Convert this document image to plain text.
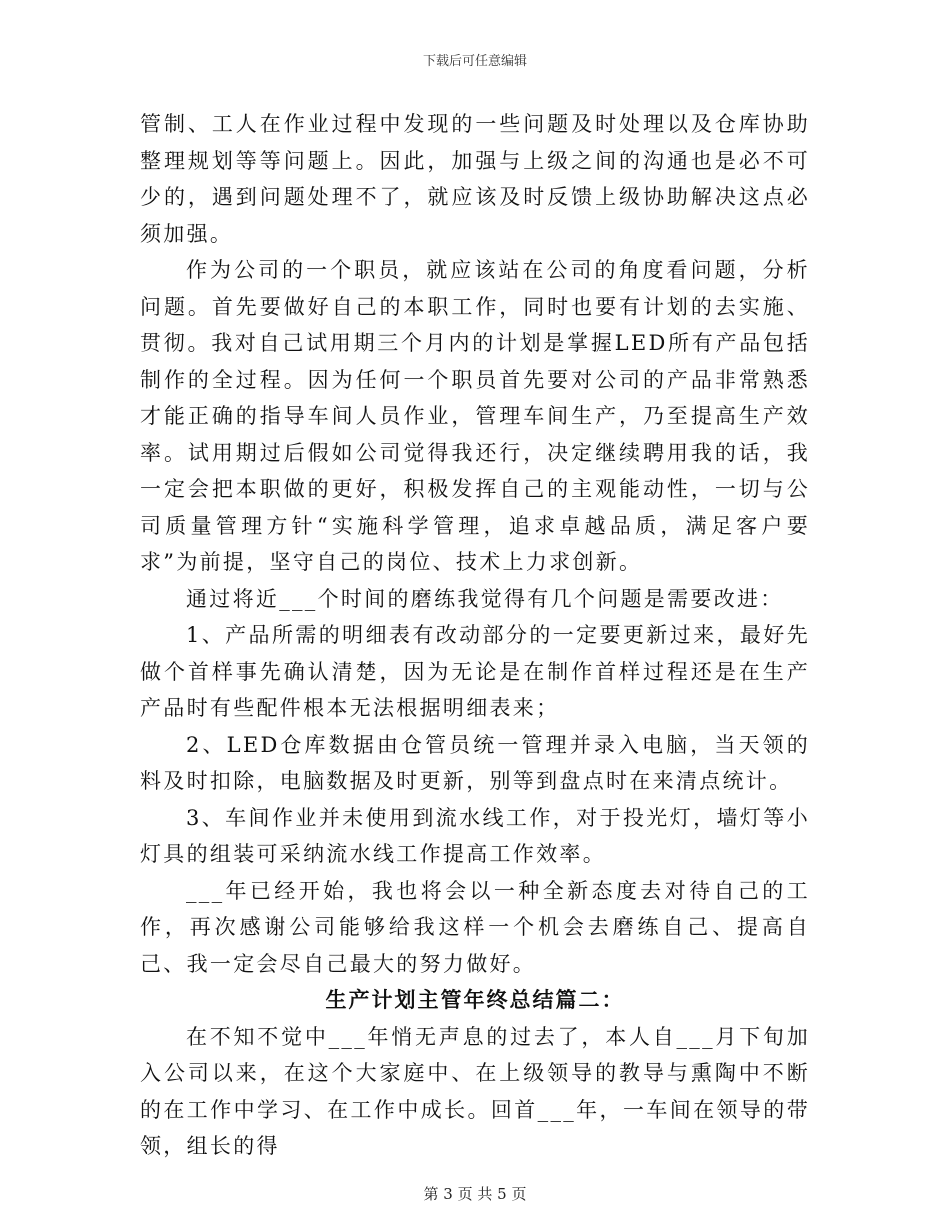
下载后可任意编辑

管制、工人在作业过程中发现的一些问题及时处理以及仓库协助整理规划等等问题上。因此，加强与上级之间的沟通也是必不可少的，遇到问题处理不了，就应该及时反馈上级协助解决这点必须加强。

作为公司的一个职员，就应该站在公司的角度看问题，分析问题。首先要做好自己的本职工作，同时也要有计划的去实施、贯彻。我对自己试用期三个月内的计划是掌握LED所有产品包括制作的全过程。因为任何一个职员首先要对公司的产品非常熟悉才能正确的指导车间人员作业，管理车间生产，乃至提高生产效率。试用期过后假如公司觉得我还行，决定继续聘用我的话，我一定会把本职做的更好，积极发挥自己的主观能动性，一切与公司质量管理方针“实施科学管理，追求卓越品质，满足客户要求”为前提，坚守自己的岗位、技术上力求创新。

通过将近___个时间的磨练我觉得有几个问题是需要改进：

1、产品所需的明细表有改动部分的一定要更新过来，最好先做个首样事先确认清楚，因为无论是在制作首样过程还是在生产产品时有些配件根本无法根据明细表来；

2、LED仓库数据由仓管员统一管理并录入电脑，当天领的料及时扣除，电脑数据及时更新，别等到盘点时在来清点统计。

3、车间作业并未使用到流水线工作，对于投光灯，墙灯等小灯具的组装可采纳流水线工作提高工作效率。

___年已经开始，我也将会以一种全新态度去对待自己的工作，再次感谢公司能够给我这样一个机会去磨练自己、提高自己、我一定会尽自己最大的努力做好。

生产计划主管年终总结篇二：

在不知不觉中___年悄无声息的过去了，本人自___月下旬加入公司以来，在这个大家庭中、在上级领导的教导与熏陶中不断的在工作中学习、在工作中成长。回首___年，一车间在领导的带领，组长的得

第 3 页 共 5 页
